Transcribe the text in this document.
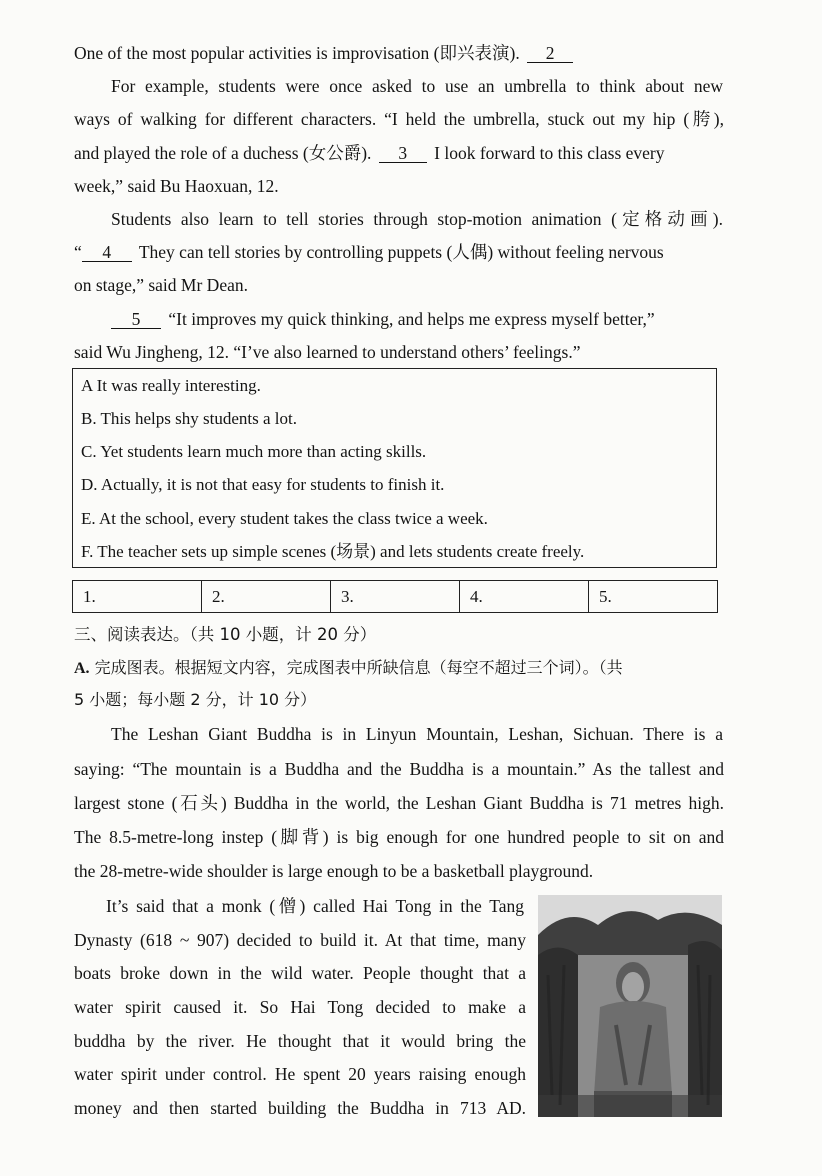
One of the most popular activities is improvisation (即兴表演). 2
For example, students were once asked to use an umbrella to think about new
ways of walking for different characters. “I held the umbrella, stuck out my hip (胯),
and played the role of a duchess (女公爵). 3 I look forward to this class every
week,” said Bu Haoxuan, 12.
Students also learn to tell stories through stop-motion animation (定格动画).
“ 4 They can tell stories by controlling puppets (人偶) without feeling nervous
on stage,” said Mr Dean.
5 “It improves my quick thinking, and helps me express myself better,”
said Wu Jingheng, 12. “I’ve also learned to understand others’ feelings.”
A It was really interesting.
B. This helps shy students a lot.
C. Yet students learn much more than acting skills.
D. Actually, it is not that easy for students to finish it.
E. At the school, every student takes the class twice a week.
F. The teacher sets up simple scenes (场景) and lets students create freely.
1.	2.	3.	4.	5.
三、阅读表达。（共 10 小题，计 20 分）
A. 完成图表。根据短文内容，完成图表中所缺信息（每空不超过三个词）。（共
5 小题；每小题 2 分，计 10 分）
The Leshan Giant Buddha is in Linyun Mountain, Leshan, Sichuan. There is a
saying: “The mountain is a Buddha and the Buddha is a mountain.” As the tallest and
largest stone (石头) Buddha in the world, the Leshan Giant Buddha is 71 metres high.
The 8.5-metre-long instep (脚背) is big enough for one hundred people to sit on and
the 28-metre-wide shoulder is large enough to be a basketball playground.
It’s said that a monk (僧) called Hai Tong in the Tang
Dynasty (618 ~ 907) decided to build it. At that time, many
boats broke down in the wild water. People thought that a
water spirit caused it. So Hai Tong decided to make a
buddha by the river. He thought that it would bring the
water spirit under control. He spent 20 years raising enough
money and then started building the Buddha in 713 AD.
